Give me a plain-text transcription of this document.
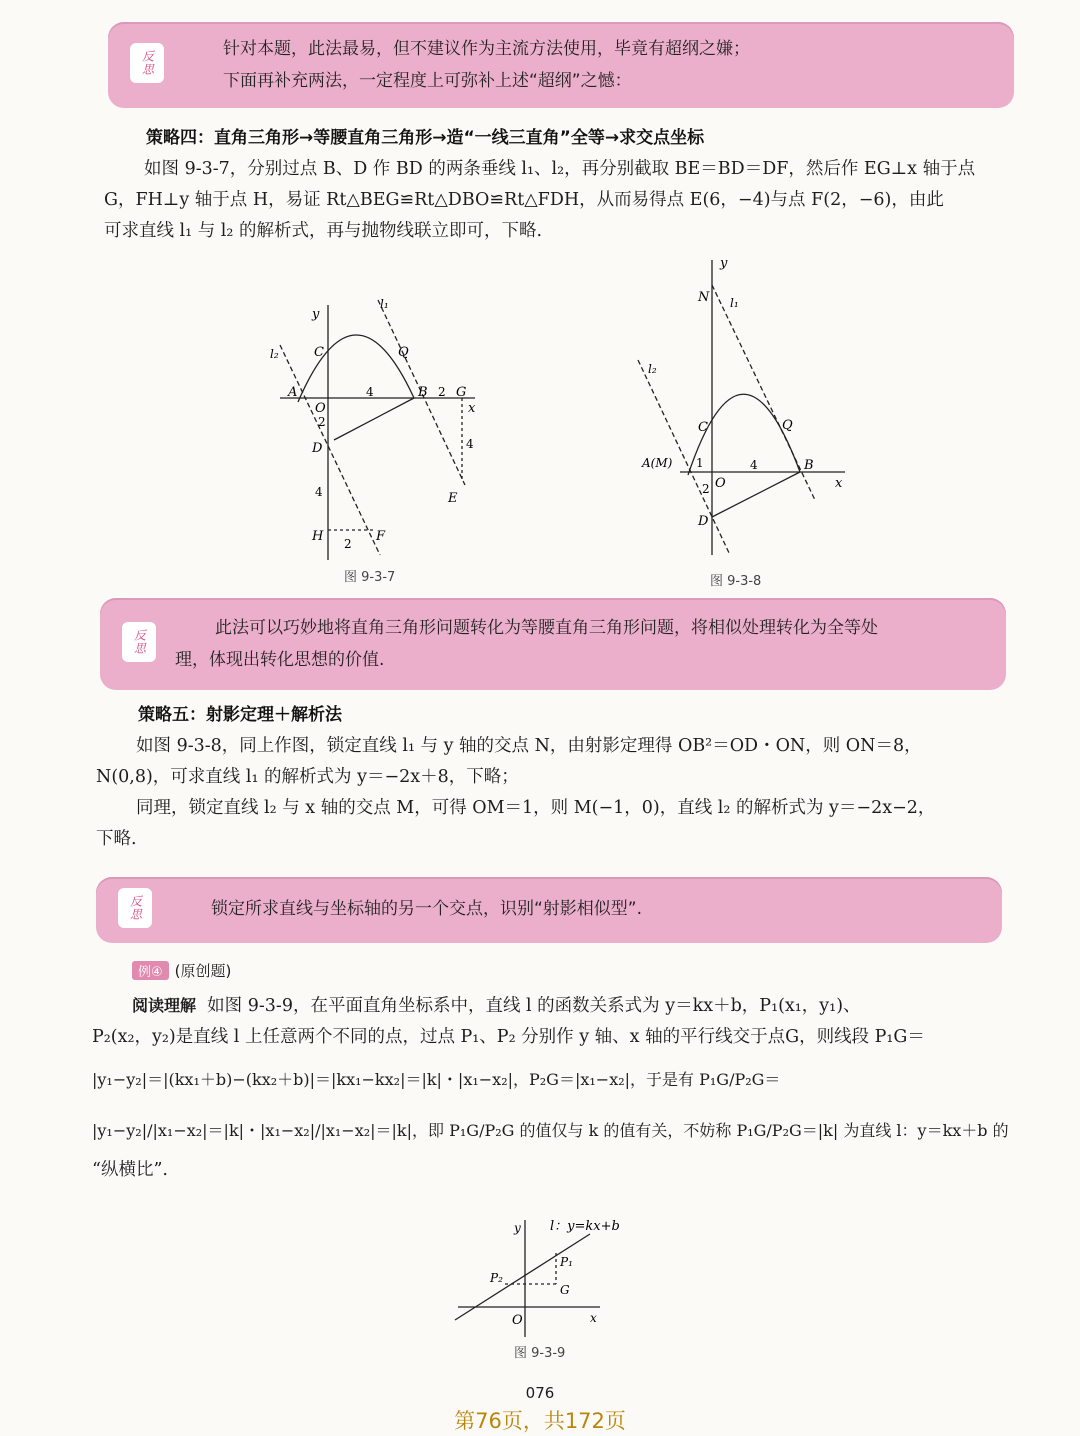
反思
针对本题，此法最易，但不建议作为主流方法使用，毕竟有超纲之嫌；
下面再补充两法，一定程度上可弥补上述“超纲”之憾：
策略四：直角三角形→等腰直角三角形→造“一线三直角”全等→求交点坐标
如图 9-3-7，分别过点 B、D 作 BD 的两条垂线 l₁、l₂，再分别截取 BE＝BD＝DF，然后作 EG⊥x 轴于点
G，FH⊥y 轴于点 H，易证 Rt△BEG≌Rt△DBO≌Rt△FDH，从而易得点 E(6，−4)与点 F(2，−6)，由此
可求直线 l₁ 与 l₂ 的解析式，再与抛物线联立即可，下略.
y
x
l₁
l₂	C	Q
A
O
B G
D
E
H	F
4
2
2
4
4
2
图 9-3-7
y
x
N l₁
l₂
C	Q
A(M) 1	4	B
O
2
D
图 9-3-8
反思
此法可以巧妙地将直角三角形问题转化为等腰直角三角形问题，将相似处理转化为全等处
理，体现出转化思想的价值.
策略五：射影定理＋解析法
如图 9-3-8，同上作图，锁定直线 l₁ 与 y 轴的交点 N，由射影定理得 OB²＝OD・ON，则 ON＝8，
N(0,8)，可求直线 l₁ 的解析式为 y＝−2x＋8，下略；
同理，锁定直线 l₂ 与 x 轴的交点 M，可得 OM＝1，则 M(−1，0)，直线 l₂ 的解析式为 y＝−2x−2，
下略.
反思	锁定所求直线与坐标轴的另一个交点，识别“射影相似型”.
例④ (原创题)
阅读理解 如图 9-3-9，在平面直角坐标系中，直线 l 的函数关系式为 y＝kx＋b，P₁(x₁，y₁)、
P₂(x₂，y₂)是直线 l 上任意两个不同的点，过点 P₁、P₂ 分别作 y 轴、x 轴的平行线交于点G，则线段 P₁G＝
|y₁−y₂|＝|(kx₁＋b)−(kx₂＋b)|＝|kx₁−kx₂|＝|k|・|x₁−x₂|，P₂G＝|x₁−x₂|，于是有 P₁G/P₂G＝
|y₁−y₂|/|x₁−x₂|＝|k|・|x₁−x₂|/|x₁−x₂|＝|k|，即 P₁G/P₂G 的值仅与 k 的值有关，不妨称 P₁G/P₂G＝|k| 为直线 l：y＝kx＋b 的
“纵横比”.
y l：y=kx+b
P₁
P₂
G
O	x
图 9-3-9
076
第76页，共172页
